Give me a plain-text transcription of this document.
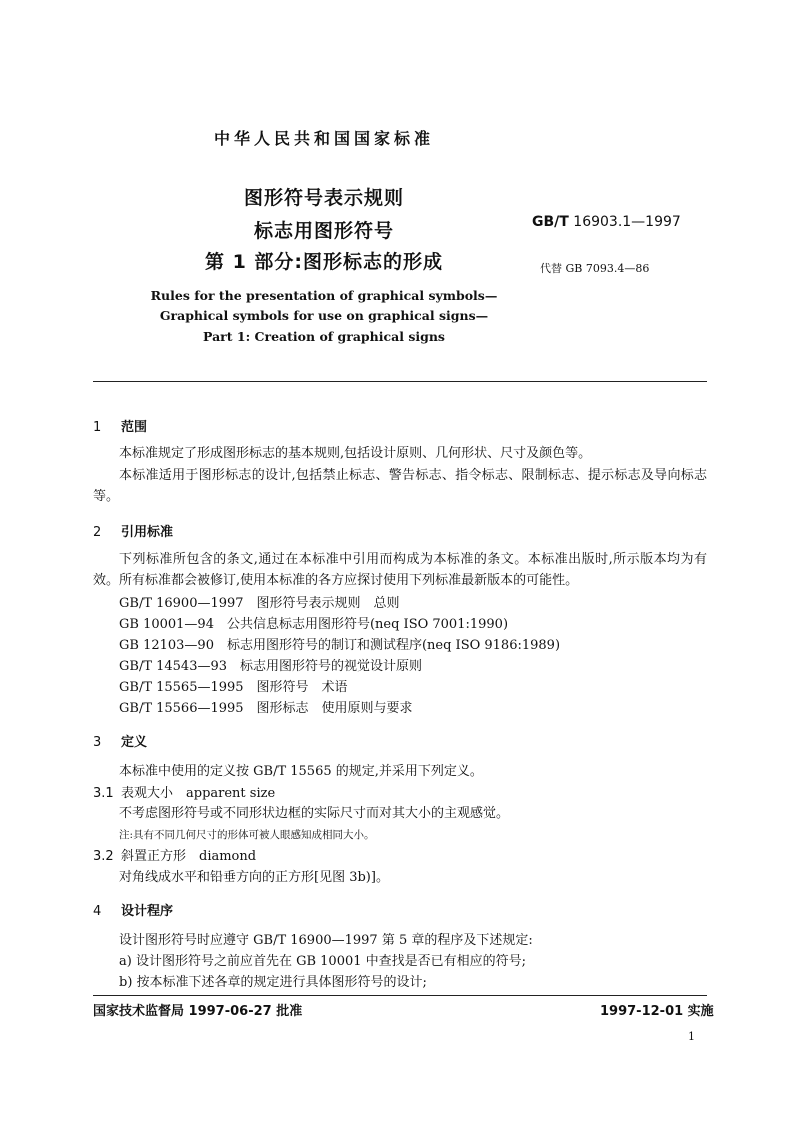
中华人民共和国国家标准
图形符号表示规则
标志用图形符号
第 1 部分:图形标志的形成
GB/T 16903.1—1997
代替 GB 7093.4—86
Rules for the presentation of graphical symbols—
Graphical symbols for use on graphical signs—
Part 1: Creation of graphical signs
1 范围
本标准规定了形成图形标志的基本规则,包括设计原则、几何形状、尺寸及颜色等。
本标准适用于图形标志的设计,包括禁止标志、警告标志、指令标志、限制标志、提示标志及导向标志等。
2 引用标准
下列标准所包含的条文,通过在本标准中引用而构成为本标准的条文。本标准出版时,所示版本均为有效。所有标准都会被修订,使用本标准的各方应探讨使用下列标准最新版本的可能性。
GB/T 16900—1997　图形符号表示规则　总则
GB 10001—94　公共信息标志用图形符号(neq ISO 7001:1990)
GB 12103—90　标志用图形符号的制订和测试程序(neq ISO 9186:1989)
GB/T 14543—93　标志用图形符号的视觉设计原则
GB/T 15565—1995　图形符号　术语
GB/T 15566—1995　图形标志　使用原则与要求
3 定义
本标准中使用的定义按 GB/T 15565 的规定,并采用下列定义。
3.1 表观大小　apparent size
不考虑图形符号或不同形状边框的实际尺寸而对其大小的主观感觉。
注:具有不同几何尺寸的形体可被人眼感知成相同大小。
3.2 斜置正方形　diamond
对角线成水平和铅垂方向的正方形[见图 3b)]。
4 设计程序
设计图形符号时应遵守 GB/T 16900—1997 第 5 章的程序及下述规定:
a) 设计图形符号之前应首先在 GB 10001 中查找是否已有相应的符号;
b) 按本标准下述各章的规定进行具体图形符号的设计;
国家技术监督局 1997-06-27 批准	1997-12-01 实施
1
